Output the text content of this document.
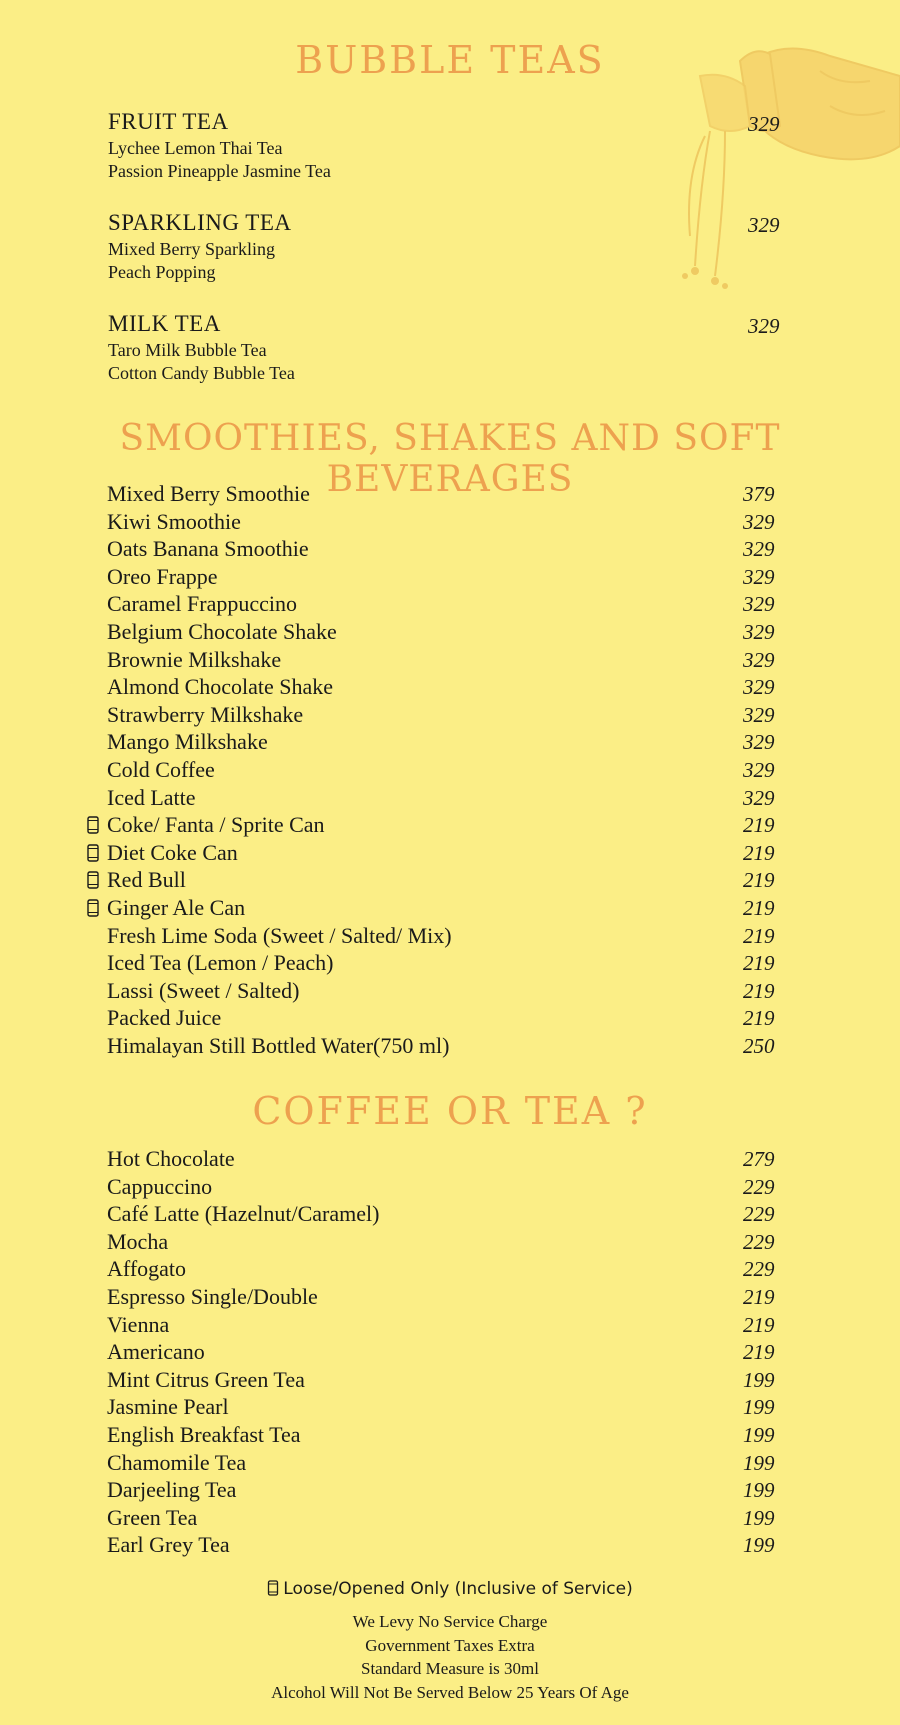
BUBBLE TEAS
FRUIT TEA	329
Lychee Lemon Thai Tea
Passion Pineapple Jasmine Tea
SPARKLING TEA	329
Mixed Berry Sparkling
Peach Popping
MILK TEA	329
Taro Milk Bubble Tea
Cotton Candy Bubble Tea
SMOOTHIES, SHAKES AND SOFT BEVERAGES
Mixed Berry Smoothie	379
Kiwi Smoothie	329
Oats Banana Smoothie	329
Oreo Frappe	329
Caramel Frappuccino	329
Belgium Chocolate Shake	329
Brownie Milkshake	329
Almond Chocolate Shake	329
Strawberry Milkshake	329
Mango Milkshake	329
Cold Coffee	329
Iced Latte	329
Coke/ Fanta / Sprite Can	219
Diet Coke Can	219
Red Bull	219
Ginger Ale Can	219
Fresh Lime Soda (Sweet / Salted/ Mix)	219
Iced Tea (Lemon / Peach)	219
Lassi (Sweet / Salted)	219
Packed Juice	219
Himalayan Still Bottled Water(750 ml)	250
COFFEE OR TEA ?
Hot Chocolate	279
Cappuccino	229
Café Latte (Hazelnut/Caramel)	229
Mocha	229
Affogato	229
Espresso Single/Double	219
Vienna	219
Americano	219
Mint Citrus Green Tea	199
Jasmine Pearl	199
English Breakfast Tea	199
Chamomile Tea	199
Darjeeling Tea	199
Green Tea	199
Earl Grey Tea	199
Loose/Opened Only (Inclusive of Service)
We Levy No Service Charge
Government Taxes Extra
Standard Measure is 30ml
Alcohol Will Not Be Served Below 25 Years Of Age
